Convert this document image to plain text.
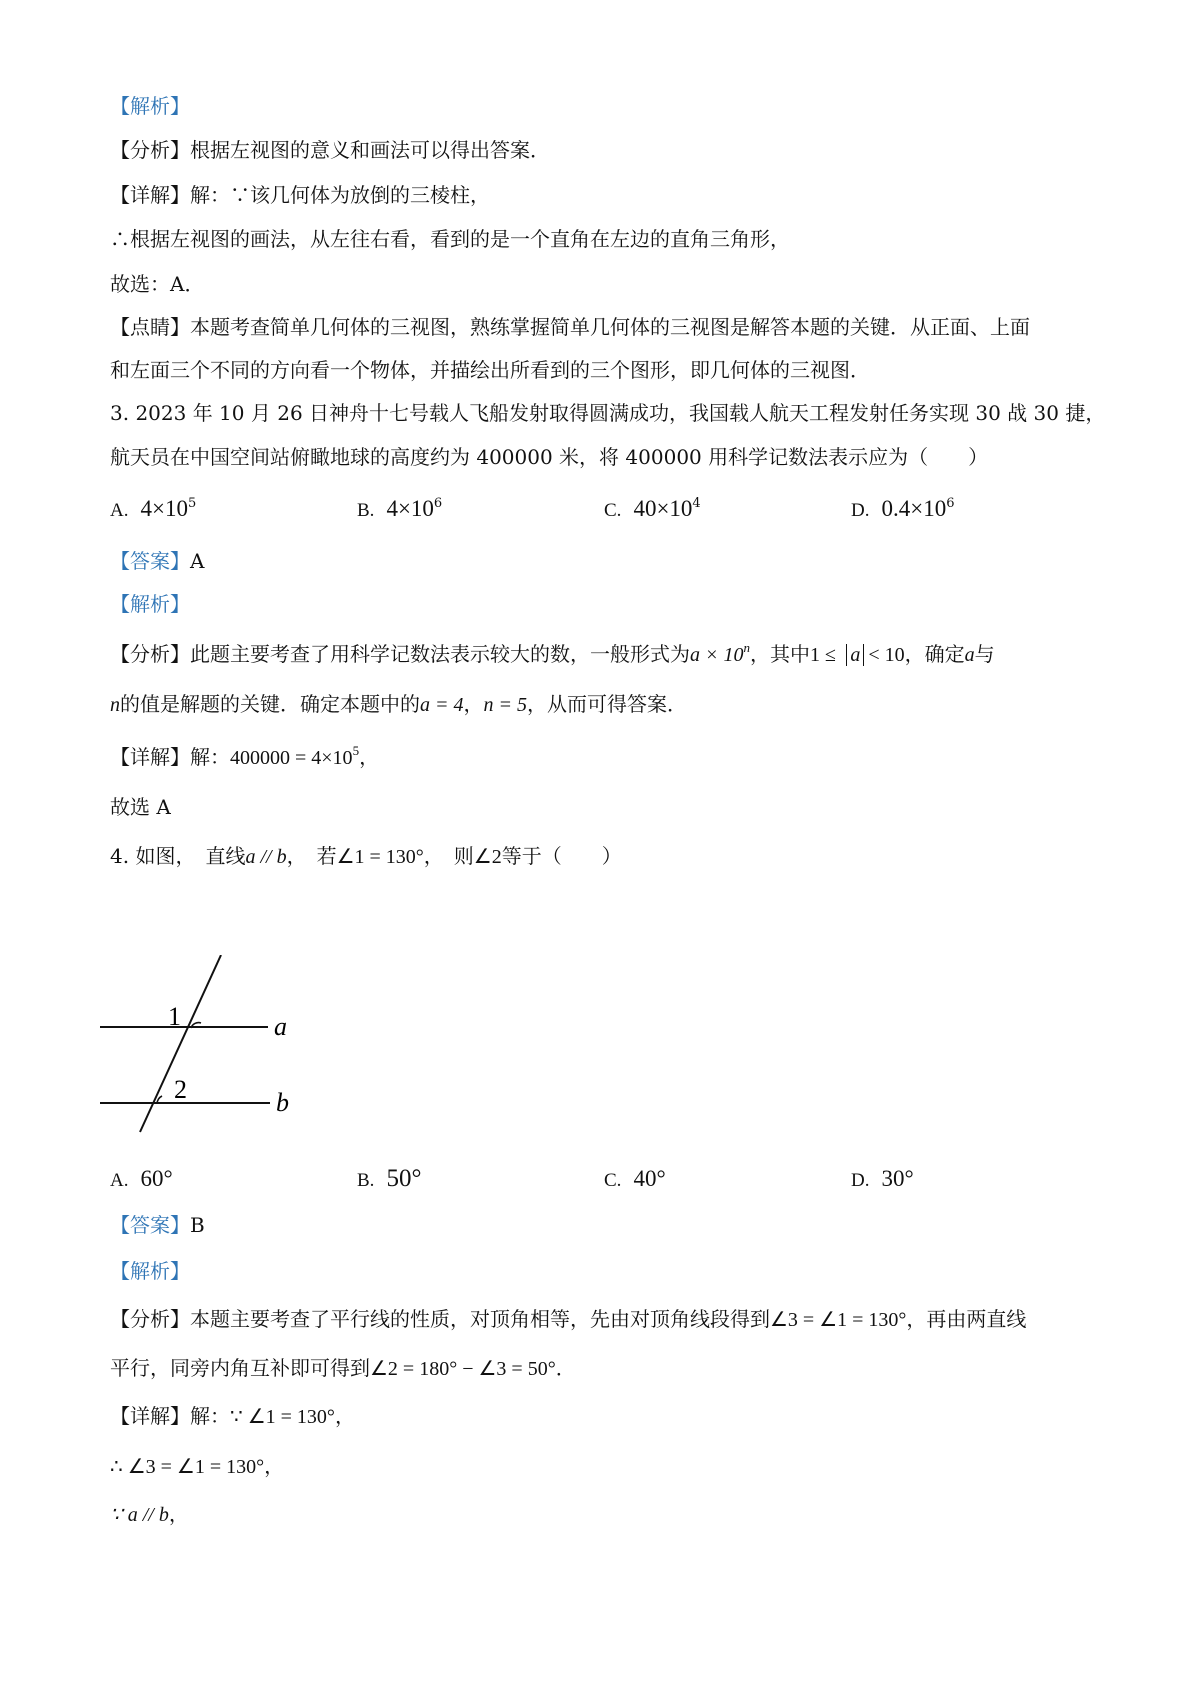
【解析】
【分析】根据左视图的意义和画法可以得出答案．
【详解】解：∵该几何体为放倒的三棱柱，
∴根据左视图的画法，从左往右看，看到的是一个直角在左边的直角三角形，
故选：A．
【点睛】本题考查简单几何体的三视图，熟练掌握简单几何体的三视图是解答本题的关键．从正面、上面
和左面三个不同的方向看一个物体，并描绘出所看到的三个图形，即几何体的三视图．
3. 2023 年 10 月 26 日神舟十七号载人飞船发射取得圆满成功，我国载人航天工程发射任务实现 30 战 30 捷，
航天员在中国空间站俯瞰地球的高度约为 400000 米，将 400000 用科学记数法表示应为（　　）
A. $4\times 10^5$	B. $4\times 10^6$	C. $40\times 10^4$	D. $0.4\times 10^6$
【答案】A
【解析】
【分析】此题主要考查了用科学记数法表示较大的数，一般形式为$a \times 10^n$，其中1 ≤ a < 10，确定a与
n的值是解题的关键．确定本题中的a = 4，n = 5，从而可得答案．
【详解】解：$400000 = 4\times 10^5$，
故选 A
4. 如图，　直线a // b，　若∠1 = 130°，　则∠2等于（　　）
1
2
a
b
A. 60°	B. 50°	C. 40°	D. 30°
【答案】B
【解析】
【分析】本题主要考查了平行线的性质，对顶角相等，先由对顶角线段得到∠3 = ∠1 = 130°，再由两直线
平行，同旁内角互补即可得到∠2 = 180° − ∠3 = 50°．
【详解】解：∵ ∠1 = 130°，
∴ ∠3 = ∠1 = 130°，
∵ a // b，
